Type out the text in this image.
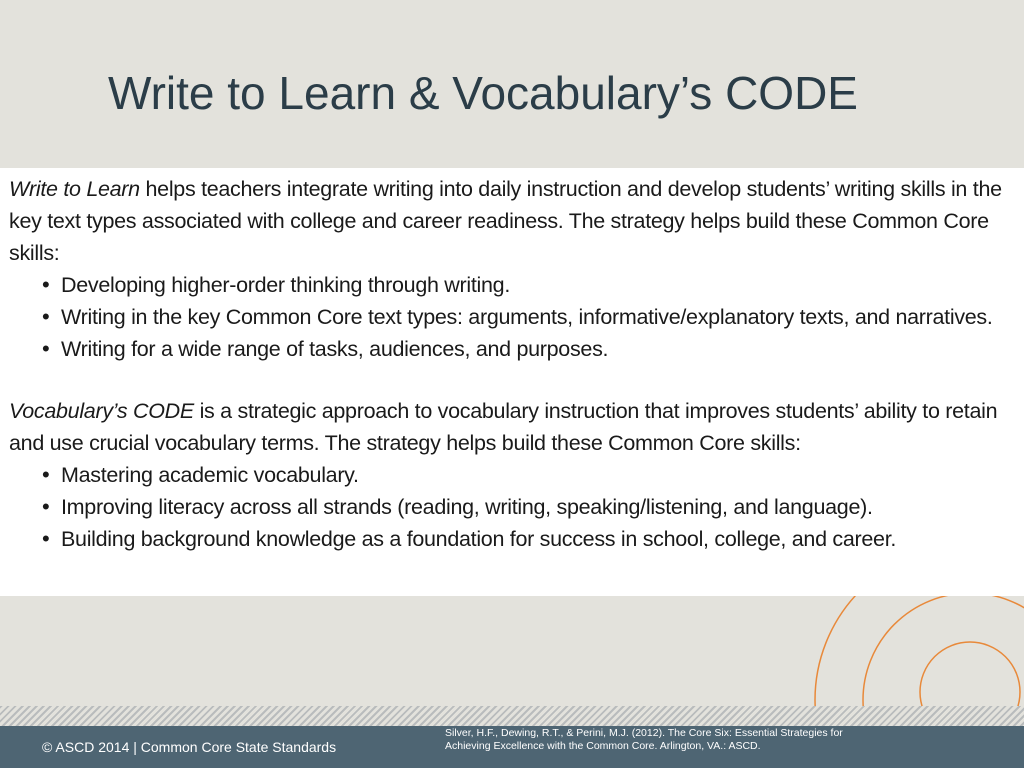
Write to Learn & Vocabulary’s CODE

Write to Learn helps teachers integrate writing into daily instruction and develop students’ writing skills in the key text types associated with college and career readiness. The strategy helps build these Common Core skills:

• Developing higher-order thinking through writing.
• Writing in the key Common Core text types: arguments, informative/explanatory texts, and narratives.
• Writing for a wide range of tasks, audiences, and purposes.

Vocabulary’s CODE is a strategic approach to vocabulary instruction that improves students’ ability to retain and use crucial vocabulary terms. The strategy helps build these Common Core skills:

• Mastering academic vocabulary.
• Improving literacy across all strands (reading, writing, speaking/listening, and language).
• Building background knowledge as a foundation for success in school, college, and career.
© ASCD 2014 | Common Core State Standards
Silver, H.F., Dewing, R.T., & Perini, M.J. (2012). The Core Six: Essential Strategies for
Achieving Excellence with the Common Core. Arlington, VA.: ASCD.
